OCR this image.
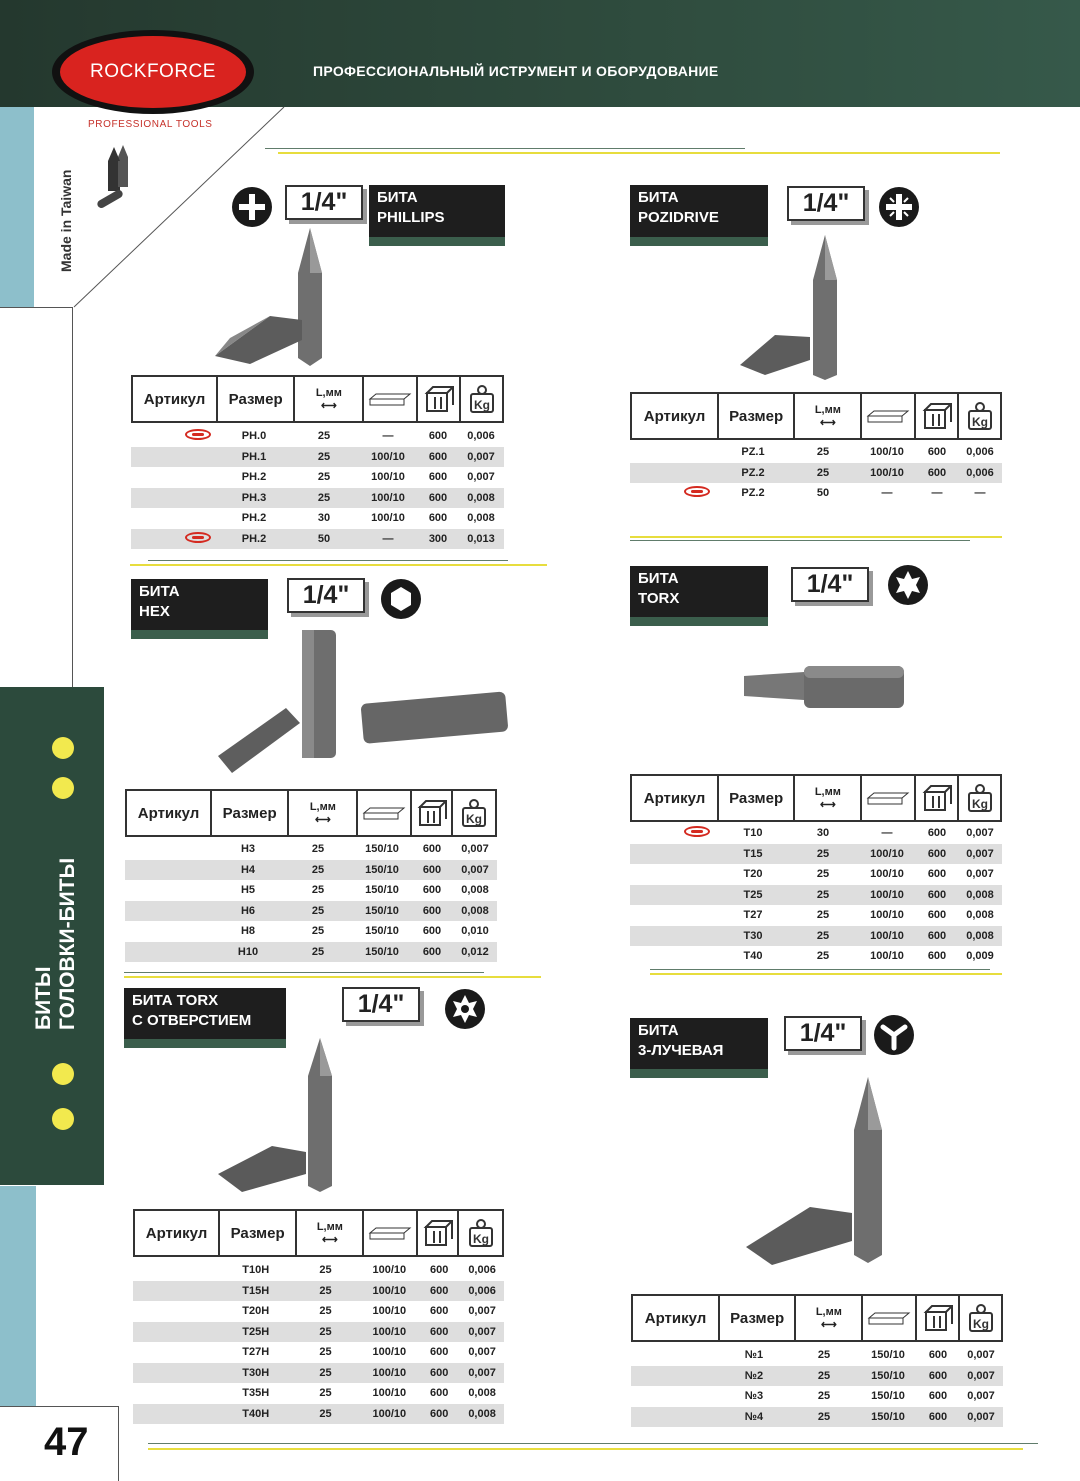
ROCKFORCE
PROFESSIONAL TOOLS
ПРОФЕССИОНАЛЬНЫЙ ИСТРУМЕНТ И ОБОРУДОВАНИЕ
Made in Taiwan
БИТЫ ГОЛОВКИ-БИТЫ
47
1/4"	БИТА
PHILLIPS
Артикул	Размер	L,мм
⟷	Kg
PH.0	25	—	600	0,006
PH.1	25	100/10	600	0,007
PH.2	25	100/10	600	0,007
PH.3	25	100/10	600	0,008
PH.2	30	100/10	600	0,008
PH.2	50	—	300	0,013
БИТА
POZIDRIVE
1/4"
Артикул	Размер	L,мм
⟷	Kg
PZ.1	25	100/10	600	0,006
PZ.2	25	100/10	600	0,006
PZ.2	50	—	—	—
БИТА
HEX
1/4"
Артикул	Размер	L,мм
⟷	Kg
H3	25	150/10	600	0,007
H4	25	150/10	600	0,007
H5	25	150/10	600	0,008
H6	25	150/10	600	0,008
H8	25	150/10	600	0,010
H10	25	150/10	600	0,012
БИТА
TORX
1/4"
Артикул	Размер	L,мм
⟷	Kg
T10	30	—	600	0,007
T15	25	100/10	600	0,007
T20	25	100/10	600	0,007
T25	25	100/10	600	0,008
T27	25	100/10	600	0,008
T30	25	100/10	600	0,008
T40	25	100/10	600	0,009
БИТА TORX
С ОТВЕРСТИЕМ
1/4"
Артикул	Размер	L,мм
⟷	Kg
T10H	25	100/10	600	0,006
T15H	25	100/10	600	0,006
T20H	25	100/10	600	0,007
T25H	25	100/10	600	0,007
T27H	25	100/10	600	0,007
T30H	25	100/10	600	0,007
T35H	25	100/10	600	0,008
T40H	25	100/10	600	0,008
БИТА
3-ЛУЧЕВАЯ
1/4"
Артикул	Размер	L,мм
⟷	Kg
№1	25	150/10	600	0,007
№2	25	150/10	600	0,007
№3	25	150/10	600	0,007
№4	25	150/10	600	0,007
